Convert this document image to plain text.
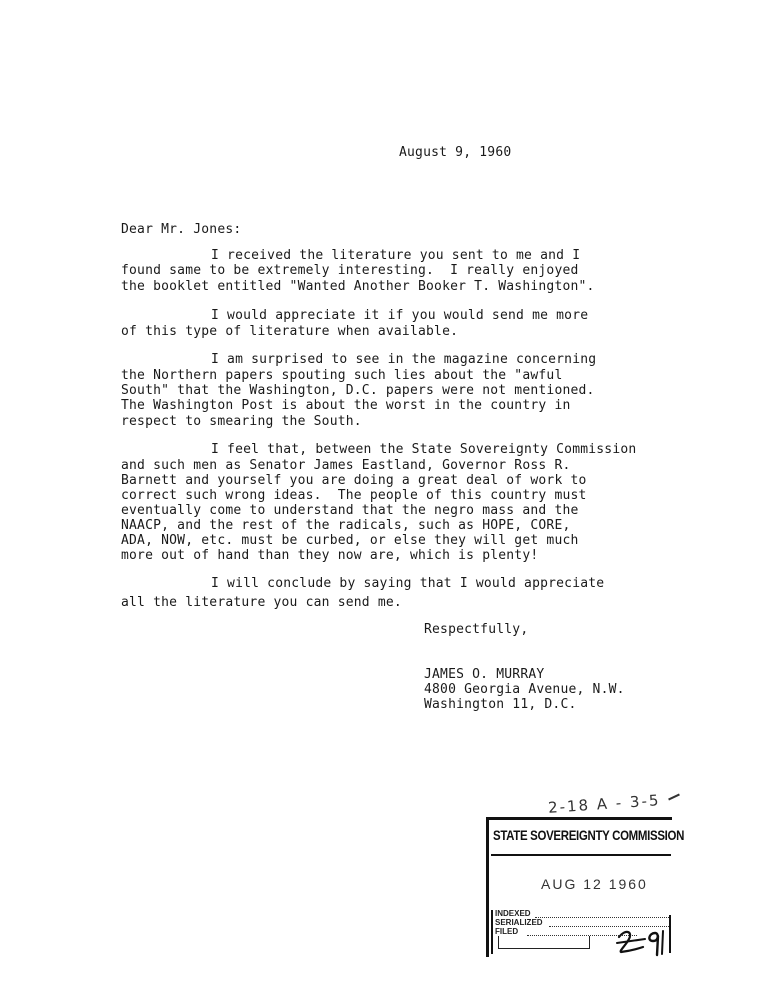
August 9, 1960
Dear Mr. Jones:
I received the literature you sent to me and I
found same to be extremely interesting.  I really enjoyed
the booklet entitled "Wanted Another Booker T. Washington".
I would appreciate it if you would send me more
of this type of literature when available.
I am surprised to see in the magazine concerning
the Northern papers spouting such lies about the "awful
South" that the Washington, D.C. papers were not mentioned.
The Washington Post is about the worst in the country in
respect to smearing the South.
I feel that, between the State Sovereignty Commission
and such men as Senator James Eastland, Governor Ross R.
Barnett and yourself you are doing a great deal of work to
correct such wrong ideas.  The people of this country must
eventually come to understand that the negro mass and the
NAACP, and the rest of the radicals, such as HOPE, CORE,
ADA, NOW, etc. must be curbed, or else they will get much
more out of hand than they now are, which is plenty!
I will conclude by saying that I would appreciate
all the literature you can send me.
Respectfully,
JAMES O. MURRAY
4800 Georgia Avenue, N.W.
Washington 11, D.C.
2-18 A - 3-5
STATE SOVEREIGNTY COMMISSION
AUG 12 1960
INDEXED
SERIALIZED
FILED
